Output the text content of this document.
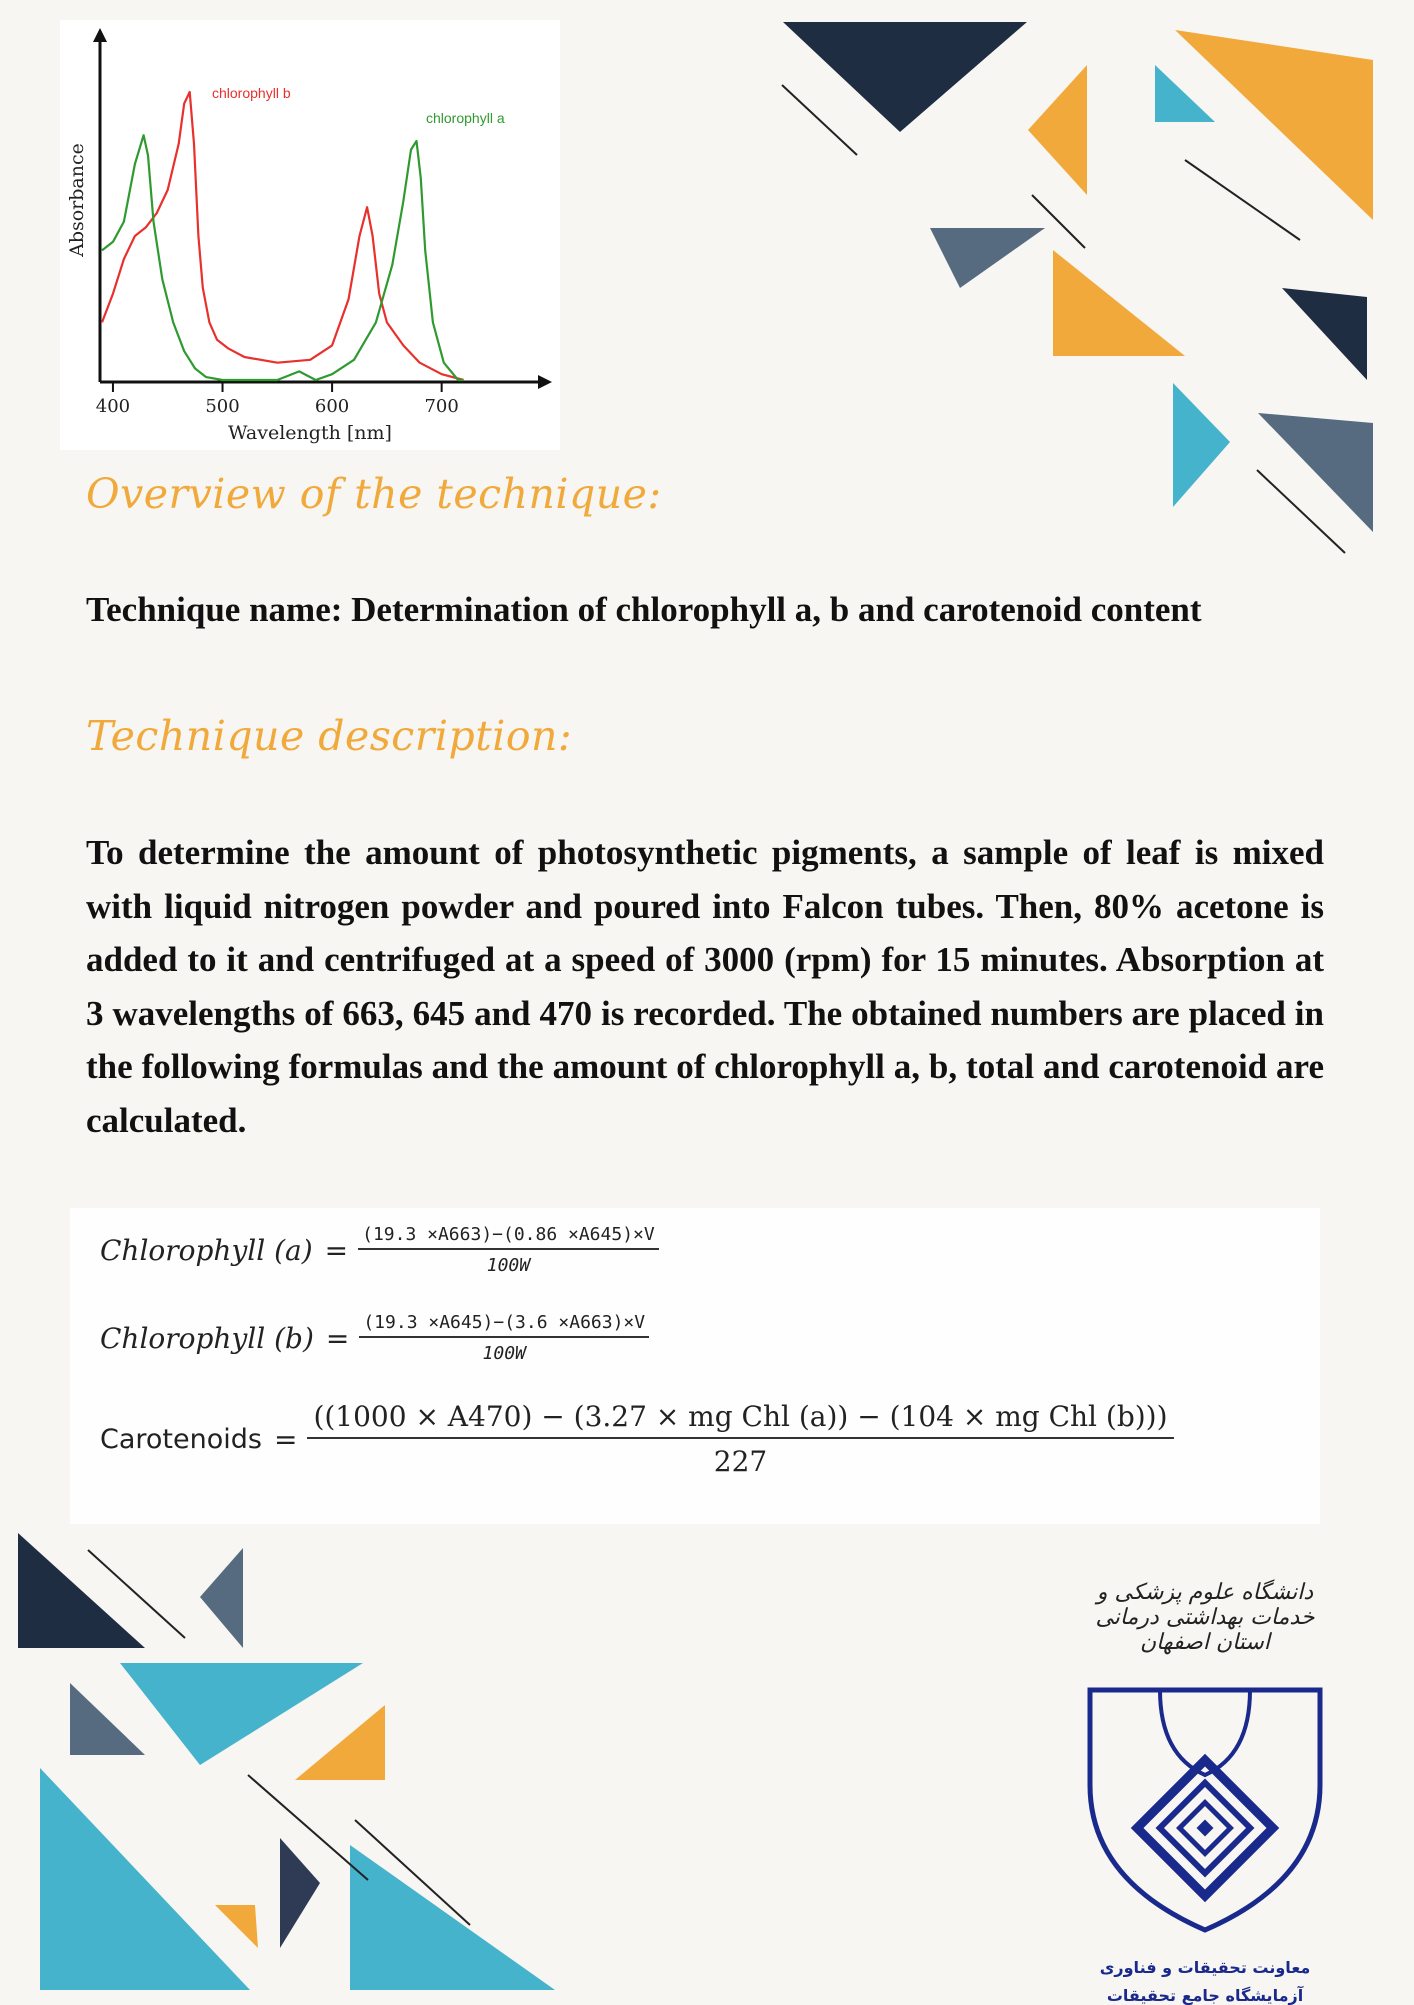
400	500	600	700
Wavelength [nm]
Absorbance
chlorophyll b
chlorophyll a
Overview of the technique:

Technique name: Determination of chlorophyll a, b and carotenoid content

Technique description:

To determine the amount of photosynthetic pigments, a sample of leaf is mixed with liquid nitrogen powder and poured into Falcon tubes. Then, 80% acetone is added to it and centrifuged at a speed of 3000 (rpm) for 15 minutes. Absorption at 3 wavelengths of 663, 645 and 470 is recorded. The obtained numbers are placed in the following formulas and the amount of chlorophyll a, b, total and carotenoid are calculated.

Chlorophyll $(a) = \frac{(19.3 \times A663)-(0.86 \times A645)\times V}{100W}$
Chlorophyll $(b) = \frac{(19.3 \times A645)-(3.6 \times A663)\times V}{100W}$
Carotenoids = $\frac{\text{((1000 × A470) − (3.27 × mg Chl (a)) − (104 × mg Chl (b)))}}{227}$
دانشگاه علوم پزشکی و خدمات بهداشتی درمانی استان اصفهان
معاونت تحقیقات و فناوری
آزمایشگاه جامع تحقیقات
